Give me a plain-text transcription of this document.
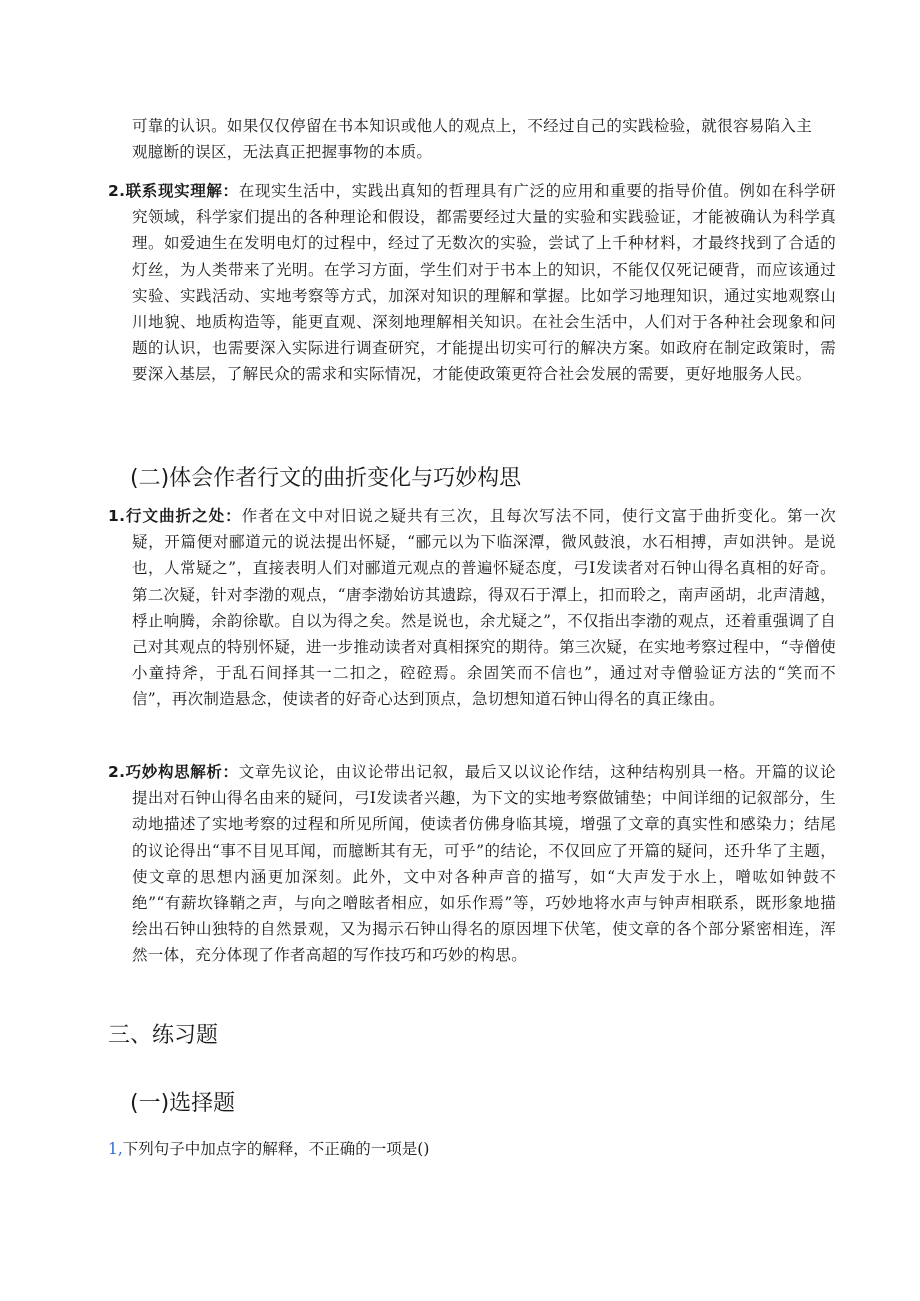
可靠的认识。如果仅仅停留在书本知识或他人的观点上，不经过自己的实践检验，就很容易陷入主观臆断的误区，无法真正把握事物的本质。

2.联系现实理解：在现实生活中，实践出真知的哲理具有广泛的应用和重要的指导价值。例如在科学研究领域，科学家们提出的各种理论和假设，都需要经过大量的实验和实践验证，才能被确认为科学真理。如爱迪生在发明电灯的过程中，经过了无数次的实验，尝试了上千种材料，才最终找到了合适的灯丝，为人类带来了光明。在学习方面，学生们对于书本上的知识，不能仅仅死记硬背，而应该通过实验、实践活动、实地考察等方式，加深对知识的理解和掌握。比如学习地理知识，通过实地观察山川地貌、地质构造等，能更直观、深刻地理解相关知识。在社会生活中，人们对于各种社会现象和问题的认识，也需要深入实际进行调查研究，才能提出切实可行的解决方案。如政府在制定政策时，需要深入基层，了解民众的需求和实际情况，才能使政策更符合社会发展的需要，更好地服务人民。

(二)体会作者行文的曲折变化与巧妙构思

1.行文曲折之处：作者在文中对旧说之疑共有三次，且每次写法不同，使行文富于曲折变化。第一次疑，开篇便对郦道元的说法提出怀疑，“郦元以为下临深潭，微风鼓浪，水石相搏，声如洪钟。是说也，人常疑之”，直接表明人们对郦道元观点的普遍怀疑态度，弓I发读者对石钟山得名真相的好奇。第二次疑，针对李渤的观点，“唐李渤始访其遗踪，得双石于潭上，扣而聆之，南声函胡，北声清越，桴止响腾，余韵徐歇。自以为得之矣。然是说也，余尤疑之”，不仅指出李渤的观点，还着重强调了自己对其观点的特别怀疑，进一步推动读者对真相探究的期待。第三次疑，在实地考察过程中，“寺僧使小童持斧，于乱石间择其一二扣之，硿硿焉。余固笑而不信也”，通过对寺僧验证方法的“笑而不信”，再次制造悬念，使读者的好奇心达到顶点，急切想知道石钟山得名的真正缘由。

2.巧妙构思解析：文章先议论，由议论带出记叙，最后又以议论作结，这种结构别具一格。开篇的议论提出对石钟山得名由来的疑问，弓I发读者兴趣，为下文的实地考察做铺垫；中间详细的记叙部分，生动地描述了实地考察的过程和所见所闻，使读者仿佛身临其境，增强了文章的真实性和感染力；结尾的议论得出“事不目见耳闻，而臆断其有无，可乎”的结论，不仅回应了开篇的疑问，还升华了主题，使文章的思想内涵更加深刻。此外，文中对各种声音的描写，如“大声发于水上，噌吰如钟鼓不绝”“有薪坎锋鞘之声，与向之噌眩者相应，如乐作焉”等，巧妙地将水声与钟声相联系，既形象地描绘出石钟山独特的自然景观，又为揭示石钟山得名的原因埋下伏笔，使文章的各个部分紧密相连，浑然一体，充分体现了作者高超的写作技巧和巧妙的构思。

三、练习题
(一)选择题

1,下列句子中加点字的解释，不正确的一项是()
